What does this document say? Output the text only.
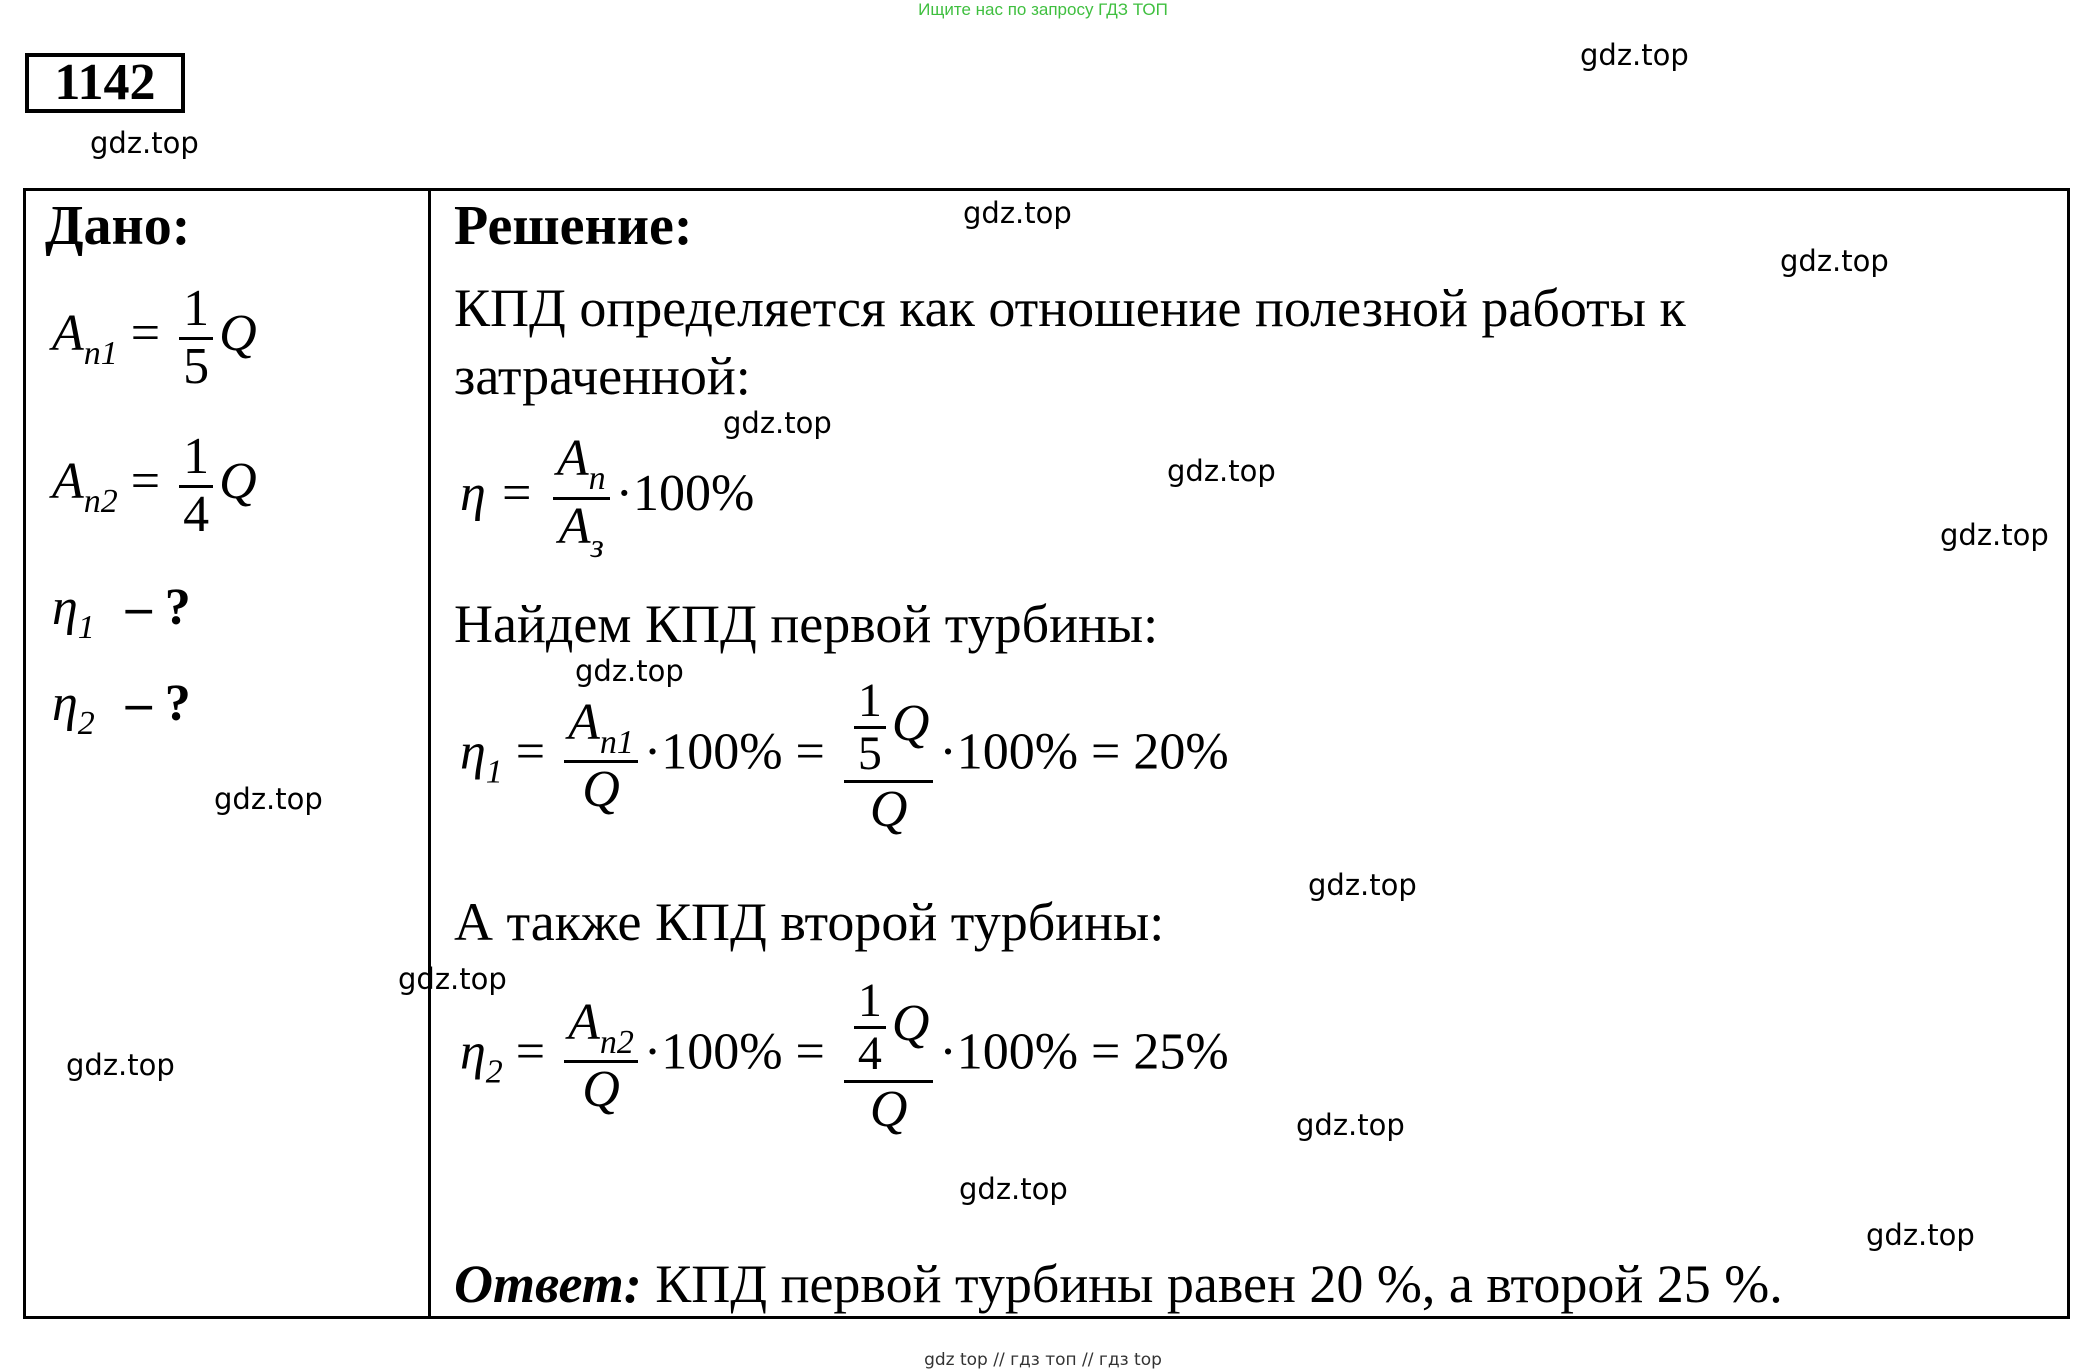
Ищите нас по запросу ГДЗ ТОП
1142
Дано:
$A_{п1} = \frac{1}{5}$ Q
$A_{п2} = \frac{1}{4}$ Q
$\eta_1$ – ?
$\eta_2$ – ?
Решение:
КПД определяется как отношение полезной работы к
затраченной:
$\eta = \frac{A_п}{A_з} \cdot 100\%$
Найдем КПД первой турбины:
$\eta_1 = \frac{A_{п1}}{Q} \cdot 100\% = \frac{\frac{1}{5} Q}{Q} \cdot 100\% = 20\%$
А также КПД второй турбины:
$\eta_2 = \frac{A_{п2}}{Q} \cdot 100\% = \frac{\frac{1}{4} Q}{Q} \cdot 100\% = 25\%$
Ответ: КПД первой турбины равен 20 %, а второй 25 %.
gdz.top
gdz.top
gdz.top
gdz.top
gdz.top
gdz.top
gdz.top
gdz.top
gdz.top
gdz.top
gdz.top
gdz.top
gdz.top
gdz.top
gdz.top
gdz top // гдз топ // гдз top
